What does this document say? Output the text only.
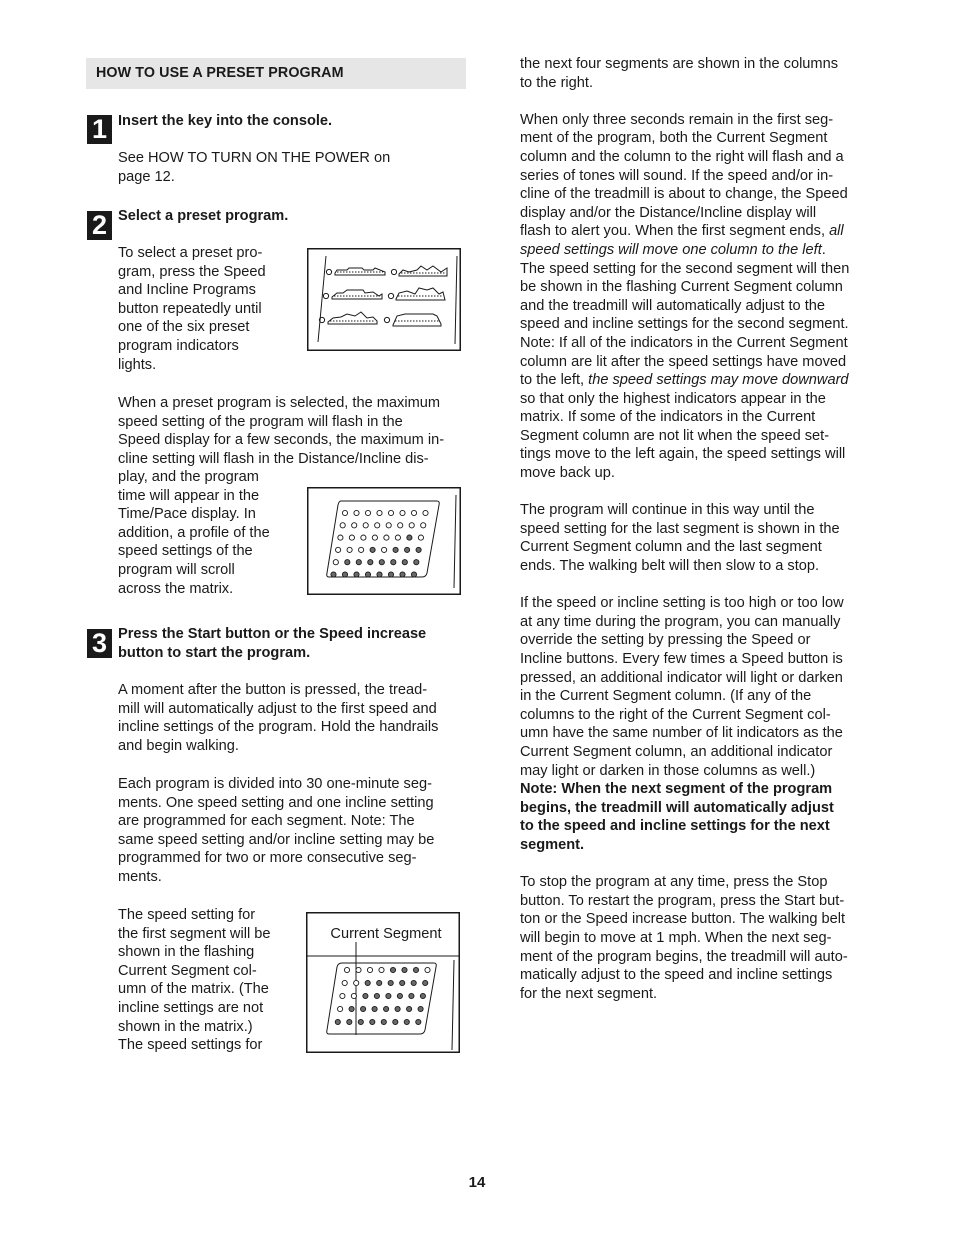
HOW TO USE A PRESET PROGRAM
1 Insert the key into the console.
See HOW TO TURN ON THE POWER on
page 12.
2 Select a preset program.
To select a preset pro-
gram, press the Speed
and Incline Programs
button repeatedly until
one of the six preset
program indicators
lights.
When a preset program is selected, the maximum
speed setting of the program will flash in the
Speed display for a few seconds, the maximum in-
cline setting will flash in the Distance/Incline dis-
play, and the program
time will appear in the
Time/Pace display. In
addition, a profile of the
speed settings of the
program will scroll
across the matrix.
3 Press the Start button or the Speed increase
button to start the program.
A moment after the button is pressed, the tread-
mill will automatically adjust to the first speed and
incline settings of the program. Hold the handrails
and begin walking.
Each program is divided into 30 one-minute seg-
ments. One speed setting and one incline setting
are programmed for each segment. Note: The
same speed setting and/or incline setting may be
programmed for two or more consecutive seg-
ments.
The speed setting for
the first segment will be
shown in the flashing
Current Segment col-
umn of the matrix. (The
incline settings are not
shown in the matrix.)
The speed settings for
Current Segment
the next four segments are shown in the columns
to the right.
When only three seconds remain in the first seg-
ment of the program, both the Current Segment
column and the column to the right will flash and a
series of tones will sound. If the speed and/or in-
cline of the treadmill is about to change, the Speed
display and/or the Distance/Incline display will
flash to alert you. When the first segment ends, all
speed settings will move one column to the left.
The speed setting for the second segment will then
be shown in the flashing Current Segment column
and the treadmill will automatically adjust to the
speed and incline settings for the second segment.
Note: If all of the indicators in the Current Segment
column are lit after the speed settings have moved
to the left, the speed settings may move downward
so that only the highest indicators appear in the
matrix. If some of the indicators in the Current
Segment column are not lit when the speed set-
tings move to the left again, the speed settings will
move back up.
The program will continue in this way until the
speed setting for the last segment is shown in the
Current Segment column and the last segment
ends. The walking belt will then slow to a stop.
If the speed or incline setting is too high or too low
at any time during the program, you can manually
override the setting by pressing the Speed or
Incline buttons. Every few times a Speed button is
pressed, an additional indicator will light or darken
in the Current Segment column. (If any of the
columns to the right of the Current Segment col-
umn have the same number of lit indicators as the
Current Segment column, an additional indicator
may light or darken in those columns as well.)
Note: When the next segment of the program
begins, the treadmill will automatically adjust
to the speed and incline settings for the next
segment.
To stop the program at any time, press the Stop
button. To restart the program, press the Start but-
ton or the Speed increase button. The walking belt
will begin to move at 1 mph. When the next seg-
ment of the program begins, the treadmill will auto-
matically adjust to the speed and incline settings
for the next segment.
14
